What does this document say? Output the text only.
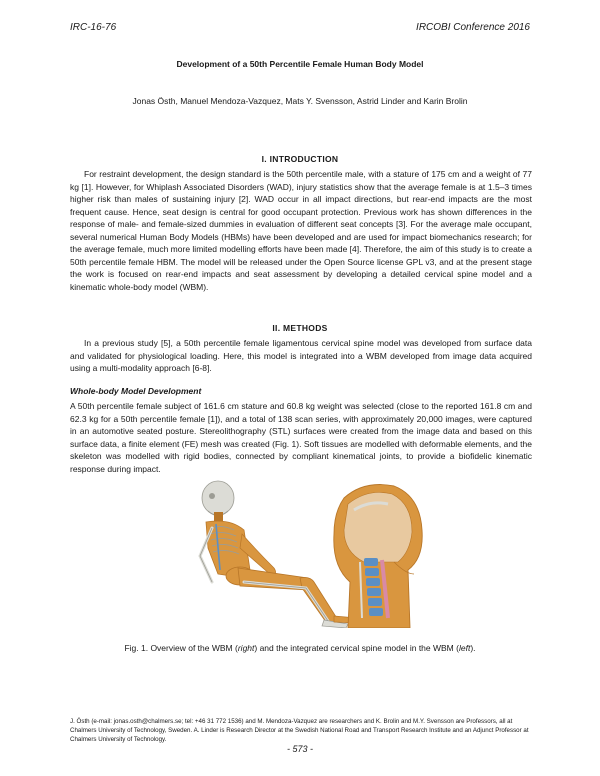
IRC-16-76	IRCOBI Conference 2016
Development of a 50th Percentile Female Human Body Model
Jonas Östh, Manuel Mendoza-Vazquez, Mats Y. Svensson, Astrid Linder and Karin Brolin
I. INTRODUCTION

For restraint development, the design standard is the 50th percentile male, with a stature of 175 cm and a weight of 77 kg [1]. However, for Whiplash Associated Disorders (WAD), injury statistics show that the average female is at 1.5–3 times higher risk than males of sustaining injury [2]. WAD occur in all impact directions, but rear-end impacts are the most frequent cause. Hence, seat design is central for good occupant protection. Previous work has shown differences in the response of male- and female-sized dummies in evaluation of different seat concepts [3]. For the average male occupant, several numerical Human Body Models (HBMs) have been developed and are used for impact biomechanics research; for the average female, much more limited modelling efforts have been made [4]. Therefore, the aim of this study is to create a 50th percentile female HBM. The model will be released under the Open Source license GPL v3, and at the present stage the work is focused on rear-end impacts and seat assessment by developing a detailed cervical spine model and a kinematic whole-body model (WBM).

II. METHODS

In a previous study [5], a 50th percentile female ligamentous cervical spine model was developed from surface data and validated for physiological loading. Here, this model is integrated into a WBM developed from image data acquired using a multi-modality approach [6-8].

Whole-body Model Development

A 50th percentile female subject of 161.6 cm stature and 60.8 kg weight was selected (close to the reported 161.8 cm and 62.3 kg for a 50th percentile female [1]), and a total of 138 scan series, with approximately 20,000 images, were captured in an automotive seated posture. Stereolithography (STL) surfaces were created from the image data and based on this surface data, a finite element (FE) mesh was created (Fig. 1). Soft tissues are modelled with deformable elements, and the skeleton was modelled with rigid bodies, connected by compliant kinematical joints, to provide a biofidelic kinematic response during impact.

Fig. 1. Overview of the WBM (right) and the integrated cervical spine model in the WBM (left).

J. Östh (e-mail: jonas.osth@chalmers.se; tel: +46 31 772 1536) and M. Mendoza-Vazquez are researchers and K. Brolin and M.Y. Svensson are Professors, all at Chalmers University of Technology, Sweden. A. Linder is Research Director at the Swedish National Road and Transport Research Institute and an Adjunct Professor at Chalmers University of Technology.

- 573 -
